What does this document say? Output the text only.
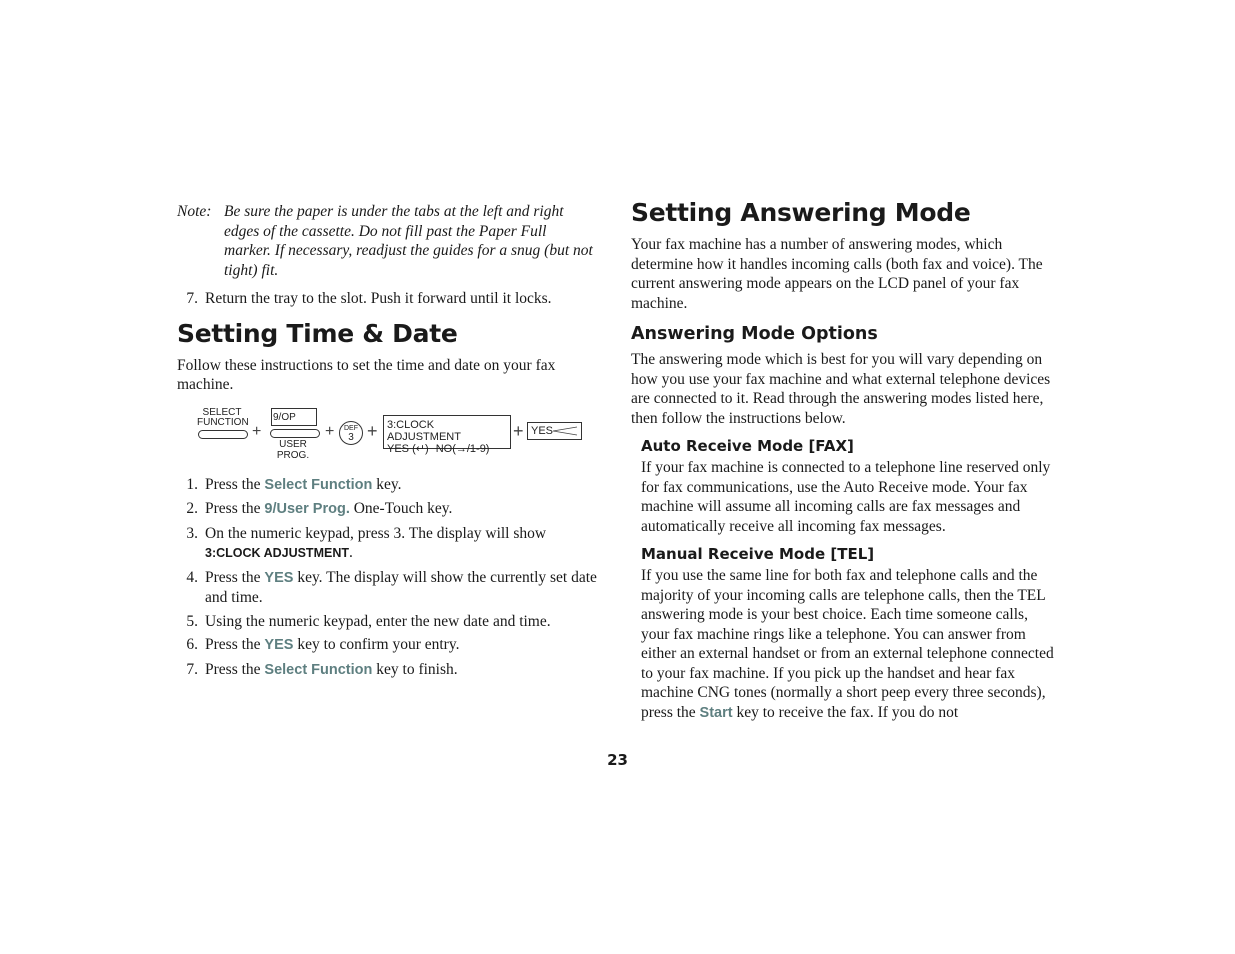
Note: Be sure the paper is under the tabs at the left and right edges of the cassette. Do not fill past the Paper Full marker. If necessary, readjust the guides for a snug (but not tight) fit.
7. Return the tray to the slot. Push it forward until it locks.
Setting Time & Date

Follow these instructions to set the time and date on your fax machine.

SELECT
FUNCTION
+
9/OP
USER
PROG.
+	DEF
3 + 3:CLOCK ADJUSTMENT
YES (↵) NO(→/1-9)
+ YES
1. Press the Select Function key.
2. Press the 9/User Prog. One-Touch key.
3. On the numeric keypad, press 3. The display will show 3:CLOCK ADJUSTMENT.
4. Press the YES key. The display will show the currently set date and time.
5. Using the numeric keypad, enter the new date and time.
6. Press the YES key to confirm your entry.
7. Press the Select Function key to finish.
Setting Answering Mode

Your fax machine has a number of answering modes, which determine how it handles incoming calls (both fax and voice). The current answering mode appears on the LCD panel of your fax machine.

Answering Mode Options

The answering mode which is best for you will vary depending on how you use your fax machine and what external telephone devices are connected to it. Read through the answering modes listed here, then follow the instructions below.

Auto Receive Mode [FAX]

If your fax machine is connected to a telephone line reserved only for fax communications, use the Auto Receive mode. Your fax machine will assume all incoming calls are fax messages and automatically receive all incoming fax messages.

Manual Receive Mode [TEL]

If you use the same line for both fax and telephone calls and the majority of your incoming calls are telephone calls, then the TEL answering mode is your best choice. Each time someone calls, your fax machine rings like a telephone. You can answer from either an external handset or from an external telephone connected to your fax machine. If you pick up the handset and hear fax machine CNG tones (normally a short peep every three seconds), press the Start key to receive the fax. If you do not

23
